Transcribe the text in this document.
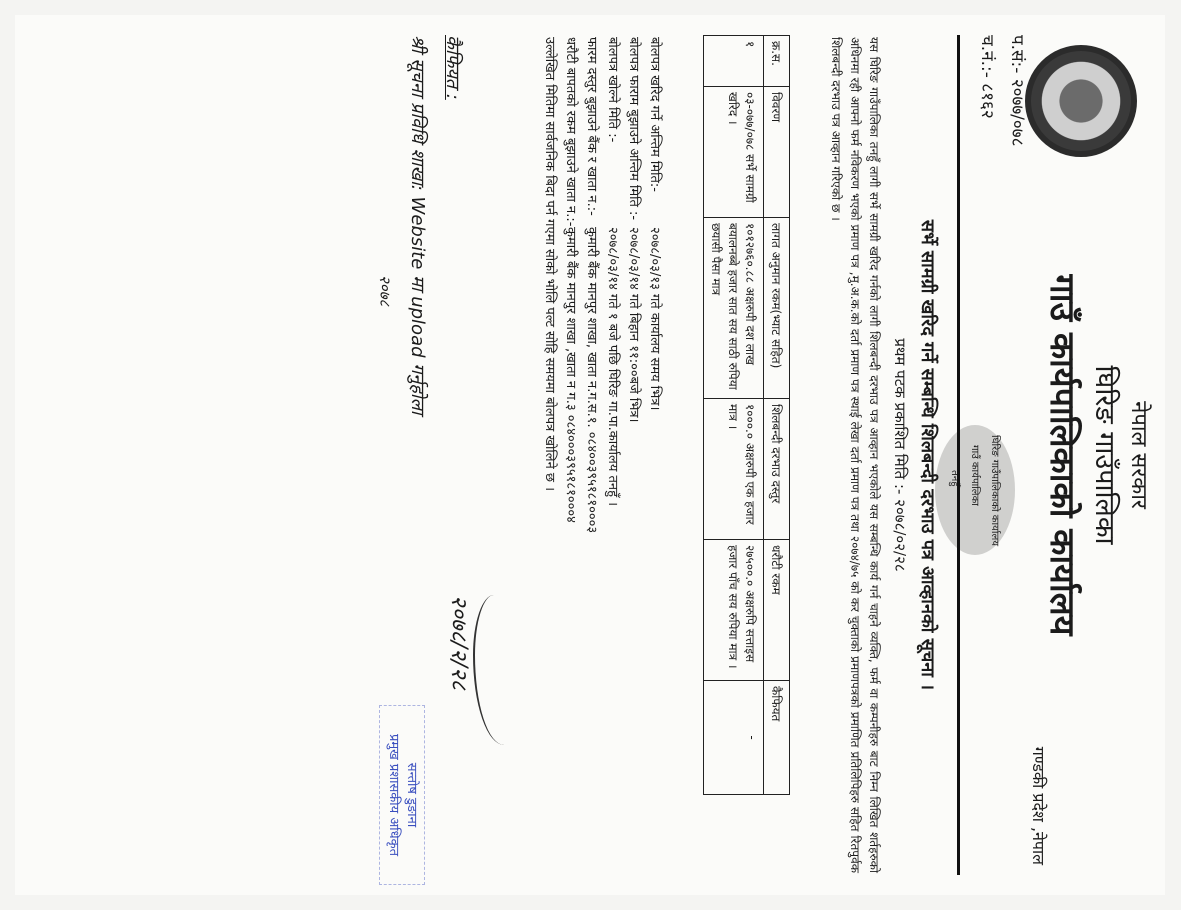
नेपाल सरकार
घिरिङ गाउँपालिका
गाउँ कार्यपालिकाको कार्यालय
गण्डकी प्रदेश ,नेपाल
प.सं:- २०७७/०७८
च.नं.:- ८१६२
घिरिङ गाउँपालिकाको कार्यालय
गाउँ कार्यपालिका
तनहुँ
सर्भे सामग्री खरिद गर्ने सम्बन्धि शिलबन्दी दरभाउ पत्र आव्हानको सूचना ।
प्रथम पटक प्रकाशित मिति :- २०७८/०२/२८
यस घिरिङ गाउँपालिका तनहुँ लागी सर्भे सामग्री खरिद गर्नको लागी शिलबन्दी दरभाउ पत्र आव्हान भएकोले यस सम्बन्धि कार्य गर्न चाहने व्यक्ति, फर्म वा कम्पनीहरु बाट निम्न लिखित शर्तहरुको अधिनमा रही आफ्नो फर्म नविकरण भएको प्रमाण पत्र ,मु.अ.क.को दर्ता प्रमाण पत्र स्थाई लेखा दर्ता प्रमाण पत्र तथा २०७४/७५ को कर चुक्ताको प्रमाणपत्रको प्रमाणित प्रतिलिपिहरु सहित रितपुर्वक शिलबन्दी दरभाउ पत्र आव्हान गरिएको छ ।
क्र.स.	विवरण	लागत अनुमान रकम(भ्याट सहित)	शिलबन्दी दरभाउ दस्तुर	धरौटी रकम	कैफियत
१	०३-०७७/०७८ सर्भे सामग्री खरिद ।	१०१२७६०.८८ अक्षरुपी दश लाख बयालनब्बे हजार सात सय साठी रुपिया छयासी पैसा मात्र	१०००.० अक्षरुपी एक हजार मात्र ।	२७५००.० अक्षरुपि सत्ताइस हजार पाँच सय रुपिया मात्र ।	-
बोलपत्र खरिद गर्ने अन्तिम मिति:-२०७८/०३/१३ गते कार्यालय समय भित्र।
बोलपत्र फाराम बुझाउने अन्तिम मिति :-२०७८/०३/१४ गते बिहान ११:००बजे भित्र।
बोलपत्र खोल्ने मिति :-२०७८/०३/१४ गते १ बजे पछि घिरिङ गा.पा.कार्यालय तनहुँ ।
फारम दस्तुर बुझाउने बैंक र खाता न.:-कुमारी बैंक मानपुर शाखा, खाता न.ग.स.१. ०८४००३९५१८१०००३
धरौटी बापतको रकम बुझाउने खाता न.:-कुमारी बैंक मानपुर शाखा ,खाता न ग.३ ०८४०००३९५१८१०००४
उल्लेखित मितिमा सार्वजनिक बिदा पर्न गएमा सोको भोलि पल्ट सोहि समयमा बोलपत्र खोलिने छ ।
कैफियत :
श्री सूचना प्रविधि शाखा: Website मा upload गर्नुहोला
२०७८
२०७८/२/२८
सन्तोष डुङाना
प्रमुख प्रशासकीय अधिकृत
